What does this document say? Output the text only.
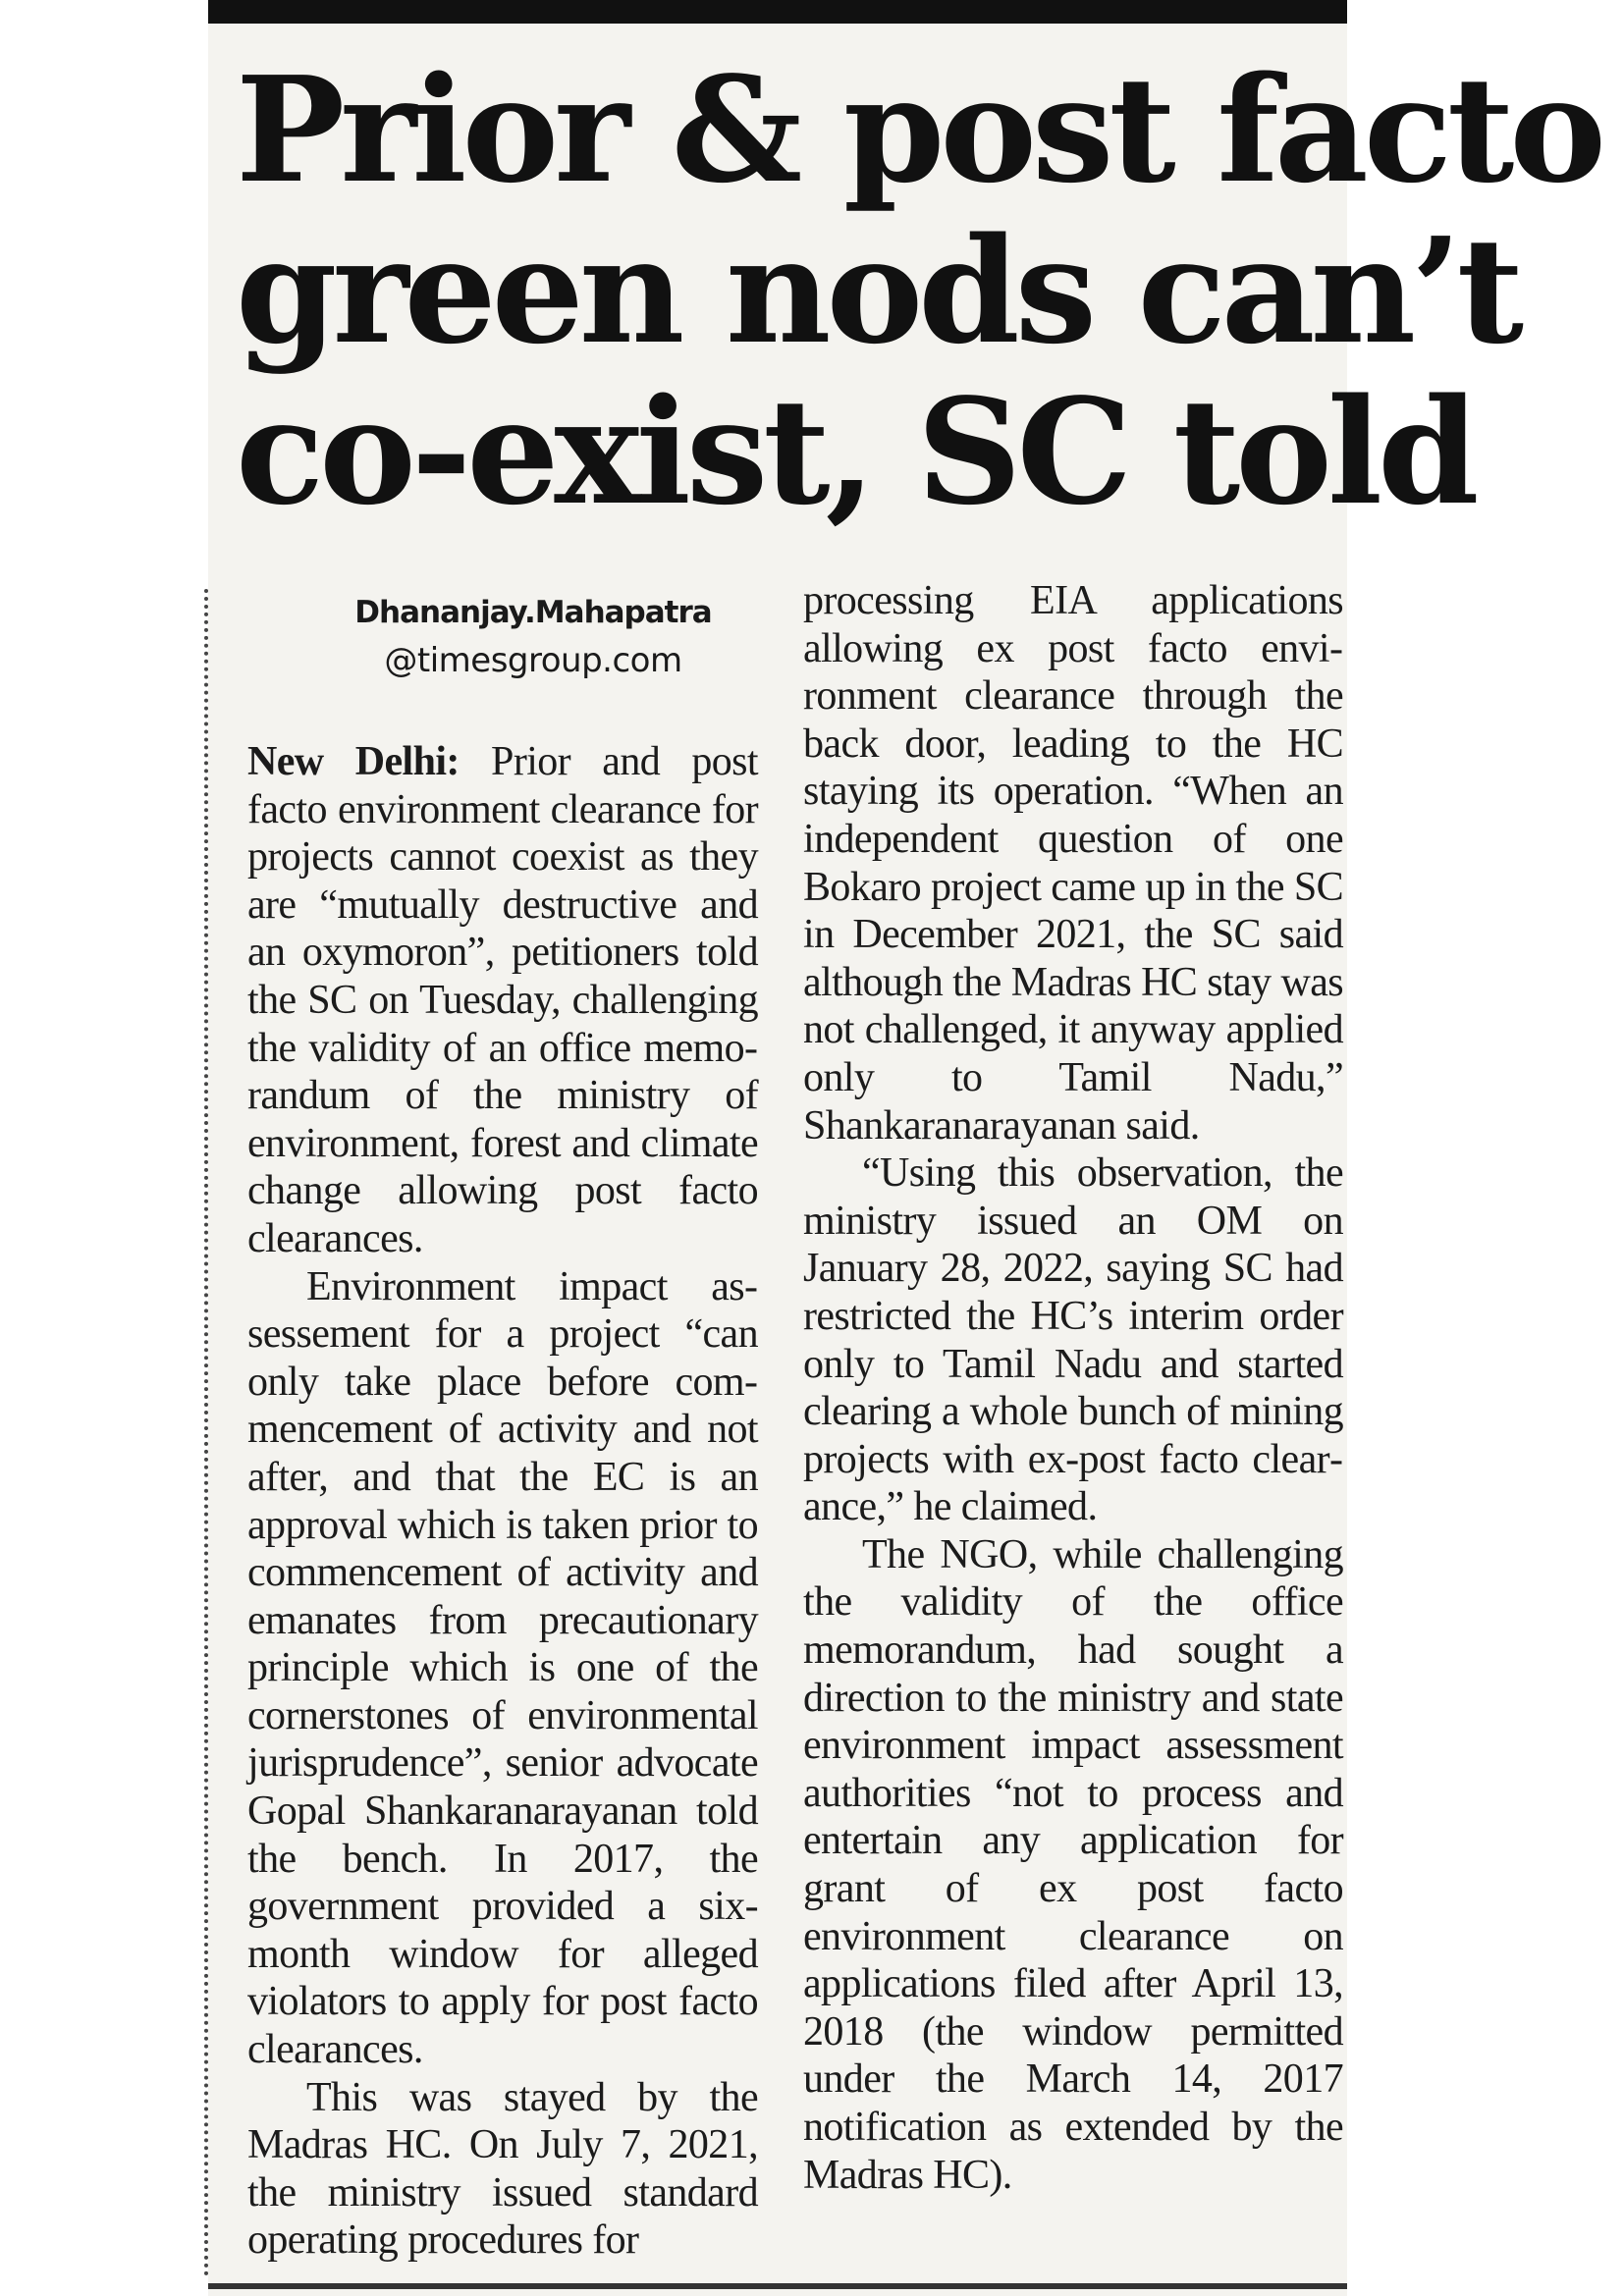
Prior & post facto
green nods can’t
co-exist, SC told
Dhananjay.Mahapatra
@timesgroup.com

New Delhi: Prior and post facto environment clearance for projects cannot coexist as they are “mutually destructive and an oxymoron”, petitioners told the SC on Tuesday, challenging the validity of an office memorandum of the ministry of environment, forest and climate change allowing post facto clearances.

Environment impact assessement for a project “can only take place before commencement of activity and not after, and that the EC is an approval which is taken prior to commencement of activity and emanates from precautionary principle which is one of the cornerstones of environmental jurisprudence”, senior advocate Gopal Shankaranarayanan told the bench. In 2017, the government provided a six-month window for alleged violators to apply for post facto clearances.

This was stayed by the Madras HC. On July 7, 2021, the ministry issued standard operating procedures for

processing EIA applications allowing ex post facto environment clearance through the back door, leading to the HC staying its operation. “When an independent question of one Bokaro project came up in the SC in December 2021, the SC said although the Madras HC stay was not challenged, it anyway applied only to Tamil Nadu,” Shankaranarayanan said.

“Using this observation, the ministry issued an OM on January 28, 2022, saying SC had restricted the HC’s interim order only to Tamil Nadu and started clearing a whole bunch of mining projects with ex-post facto clearance,” he claimed.

The NGO, while challenging the validity of the office memorandum, had sought a direction to the ministry and state environment impact assessment authorities “not to process and entertain any application for grant of ex post facto environment clearance on applications filed after April 13, 2018 (the window permitted under the March 14, 2017 notification as extended by the Madras HC).
